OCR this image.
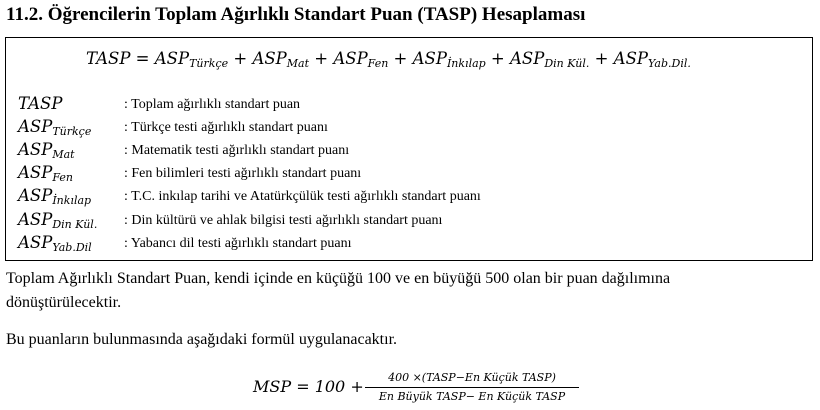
11.2. Öğrencilerin Toplam Ağırlıklı Standart Puan (TASP) Hesaplaması
TASP = $ASP_{Türkçe} + ASP_{Mat} + ASP_{Fen} + ASP_{İnkılap} + ASP_{Din Kül.} + ASP_{Yab.Dil.}$
TASP	: Toplam ağırlıklı standart puan
$ASP_{Türkçe}$ : Türkçe testi ağırlıklı standart puanı
$ASP_{Mat}$	: Matematik testi ağırlıklı standart puanı
$ASP_{Fen}$	: Fen bilimleri testi ağırlıklı standart puanı
$ASP_{İnkılap}$ : T.C. inkılap tarihi ve Atatürkçülük testi ağırlıklı standart puanı
$ASP_{Din Kül.}$ : Din kültürü ve ahlak bilgisi testi ağırlıklı standart puanı
$ASP_{Yab.Dil}$ : Yabancı dil testi ağırlıklı standart puanı
Toplam Ağırlıklı Standart Puan, kendi içinde en küçüğü 100 ve en büyüğü 500 olan bir puan dağılımına
dönüştürülecektir.
Bu puanların bulunmasında aşağıdaki formül uygulanacaktır.
MSP = 100 +	400 ×(TASP−En Küçük TASP)
En Büyük TASP− En Küçük TASP
